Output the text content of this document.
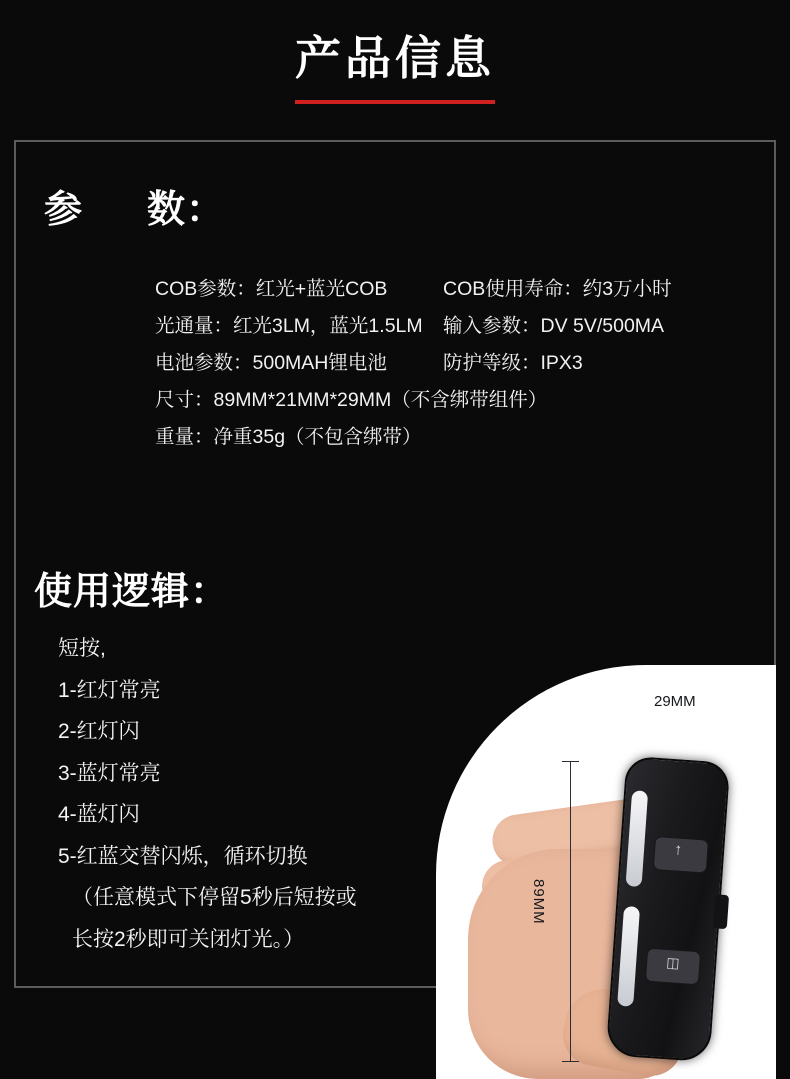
产品信息
参 数：
COB参数：红光+蓝光COB	COB使用寿命：约3万小时
光通量：红光3LM，蓝光1.5LM	输入参数：DV 5V/500MA
电池参数：500MAH锂电池	防护等级：IPX3
尺寸：89MM*21MM*29MM（不含绑带组件）
重量：净重35g（不包含绑带）
使用逻辑：
短按,
1-红灯常亮
2-红灯闪
3-蓝灯常亮
4-蓝灯闪
5-红蓝交替闪烁，循环切换
（任意模式下停留5秒后短按或
长按2秒即可关闭灯光。）
↑
◫
29MM
89MM
